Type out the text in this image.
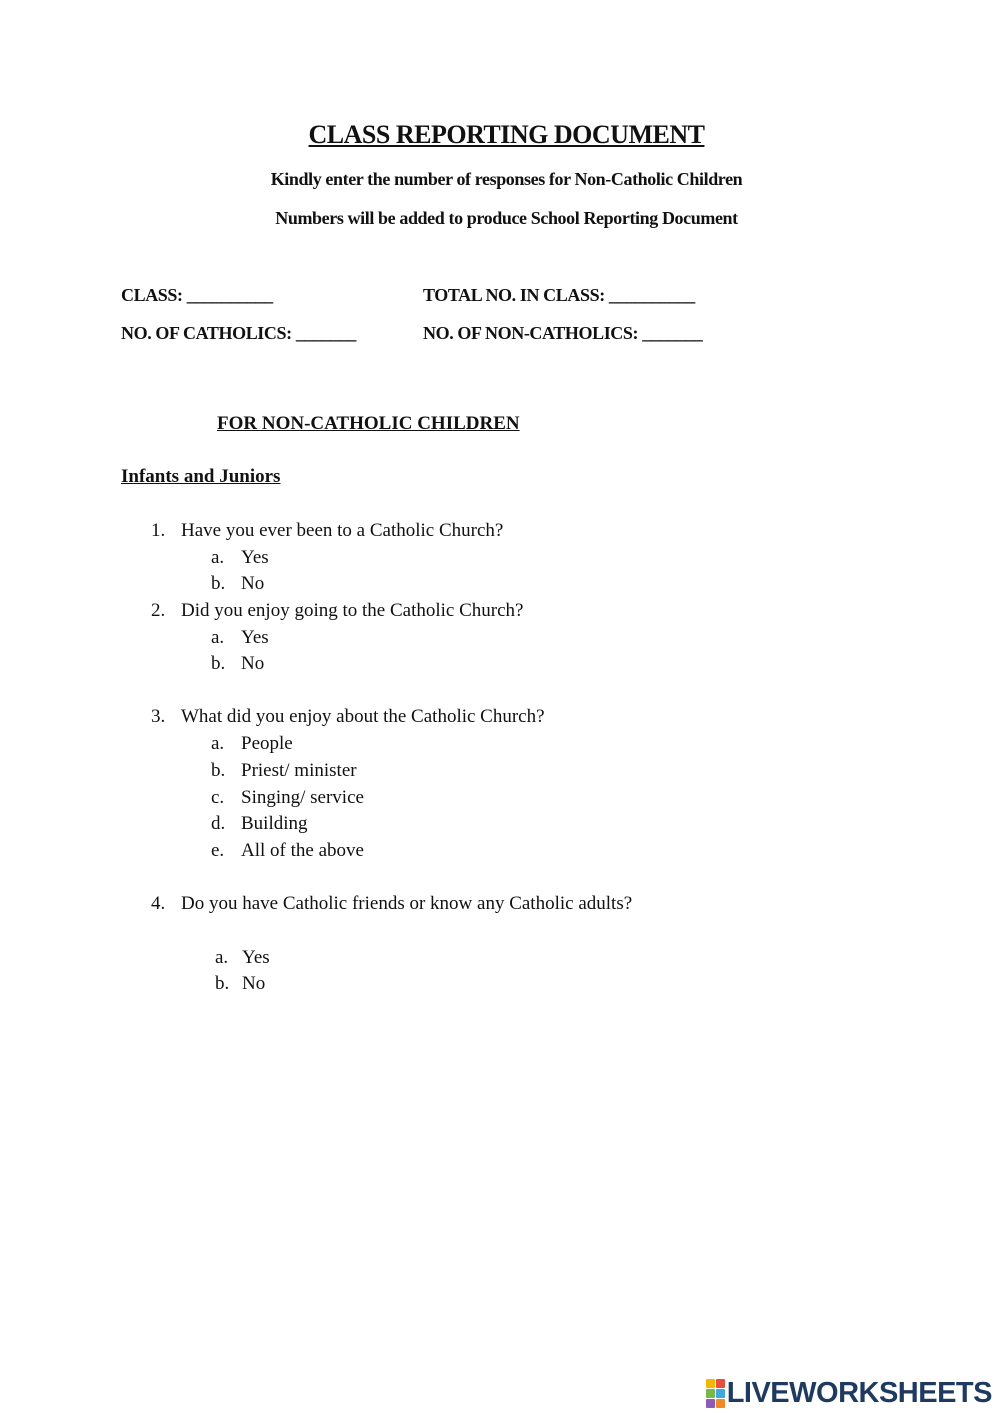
CLASS REPORTING DOCUMENT
Kindly enter the number of responses for Non-Catholic Children
Numbers will be added to produce School Reporting Document
CLASS: __________	TOTAL NO. IN CLASS: __________
NO. OF CATHOLICS: _______	NO. OF NON-CATHOLICS: _______
FOR NON-CATHOLIC CHILDREN
Infants and Juniors
1. Have you ever been to a Catholic Church?
a. Yes
b. No
2. Did you enjoy going to the Catholic Church?
a. Yes
b. No
3. What did you enjoy about the Catholic Church?
a. People
b. Priest/ minister
c. Singing/ service
d. Building
e. All of the above
4. Do you have Catholic friends or know any Catholic adults?
a. Yes
b. No
LIVEWORKSHEETS
